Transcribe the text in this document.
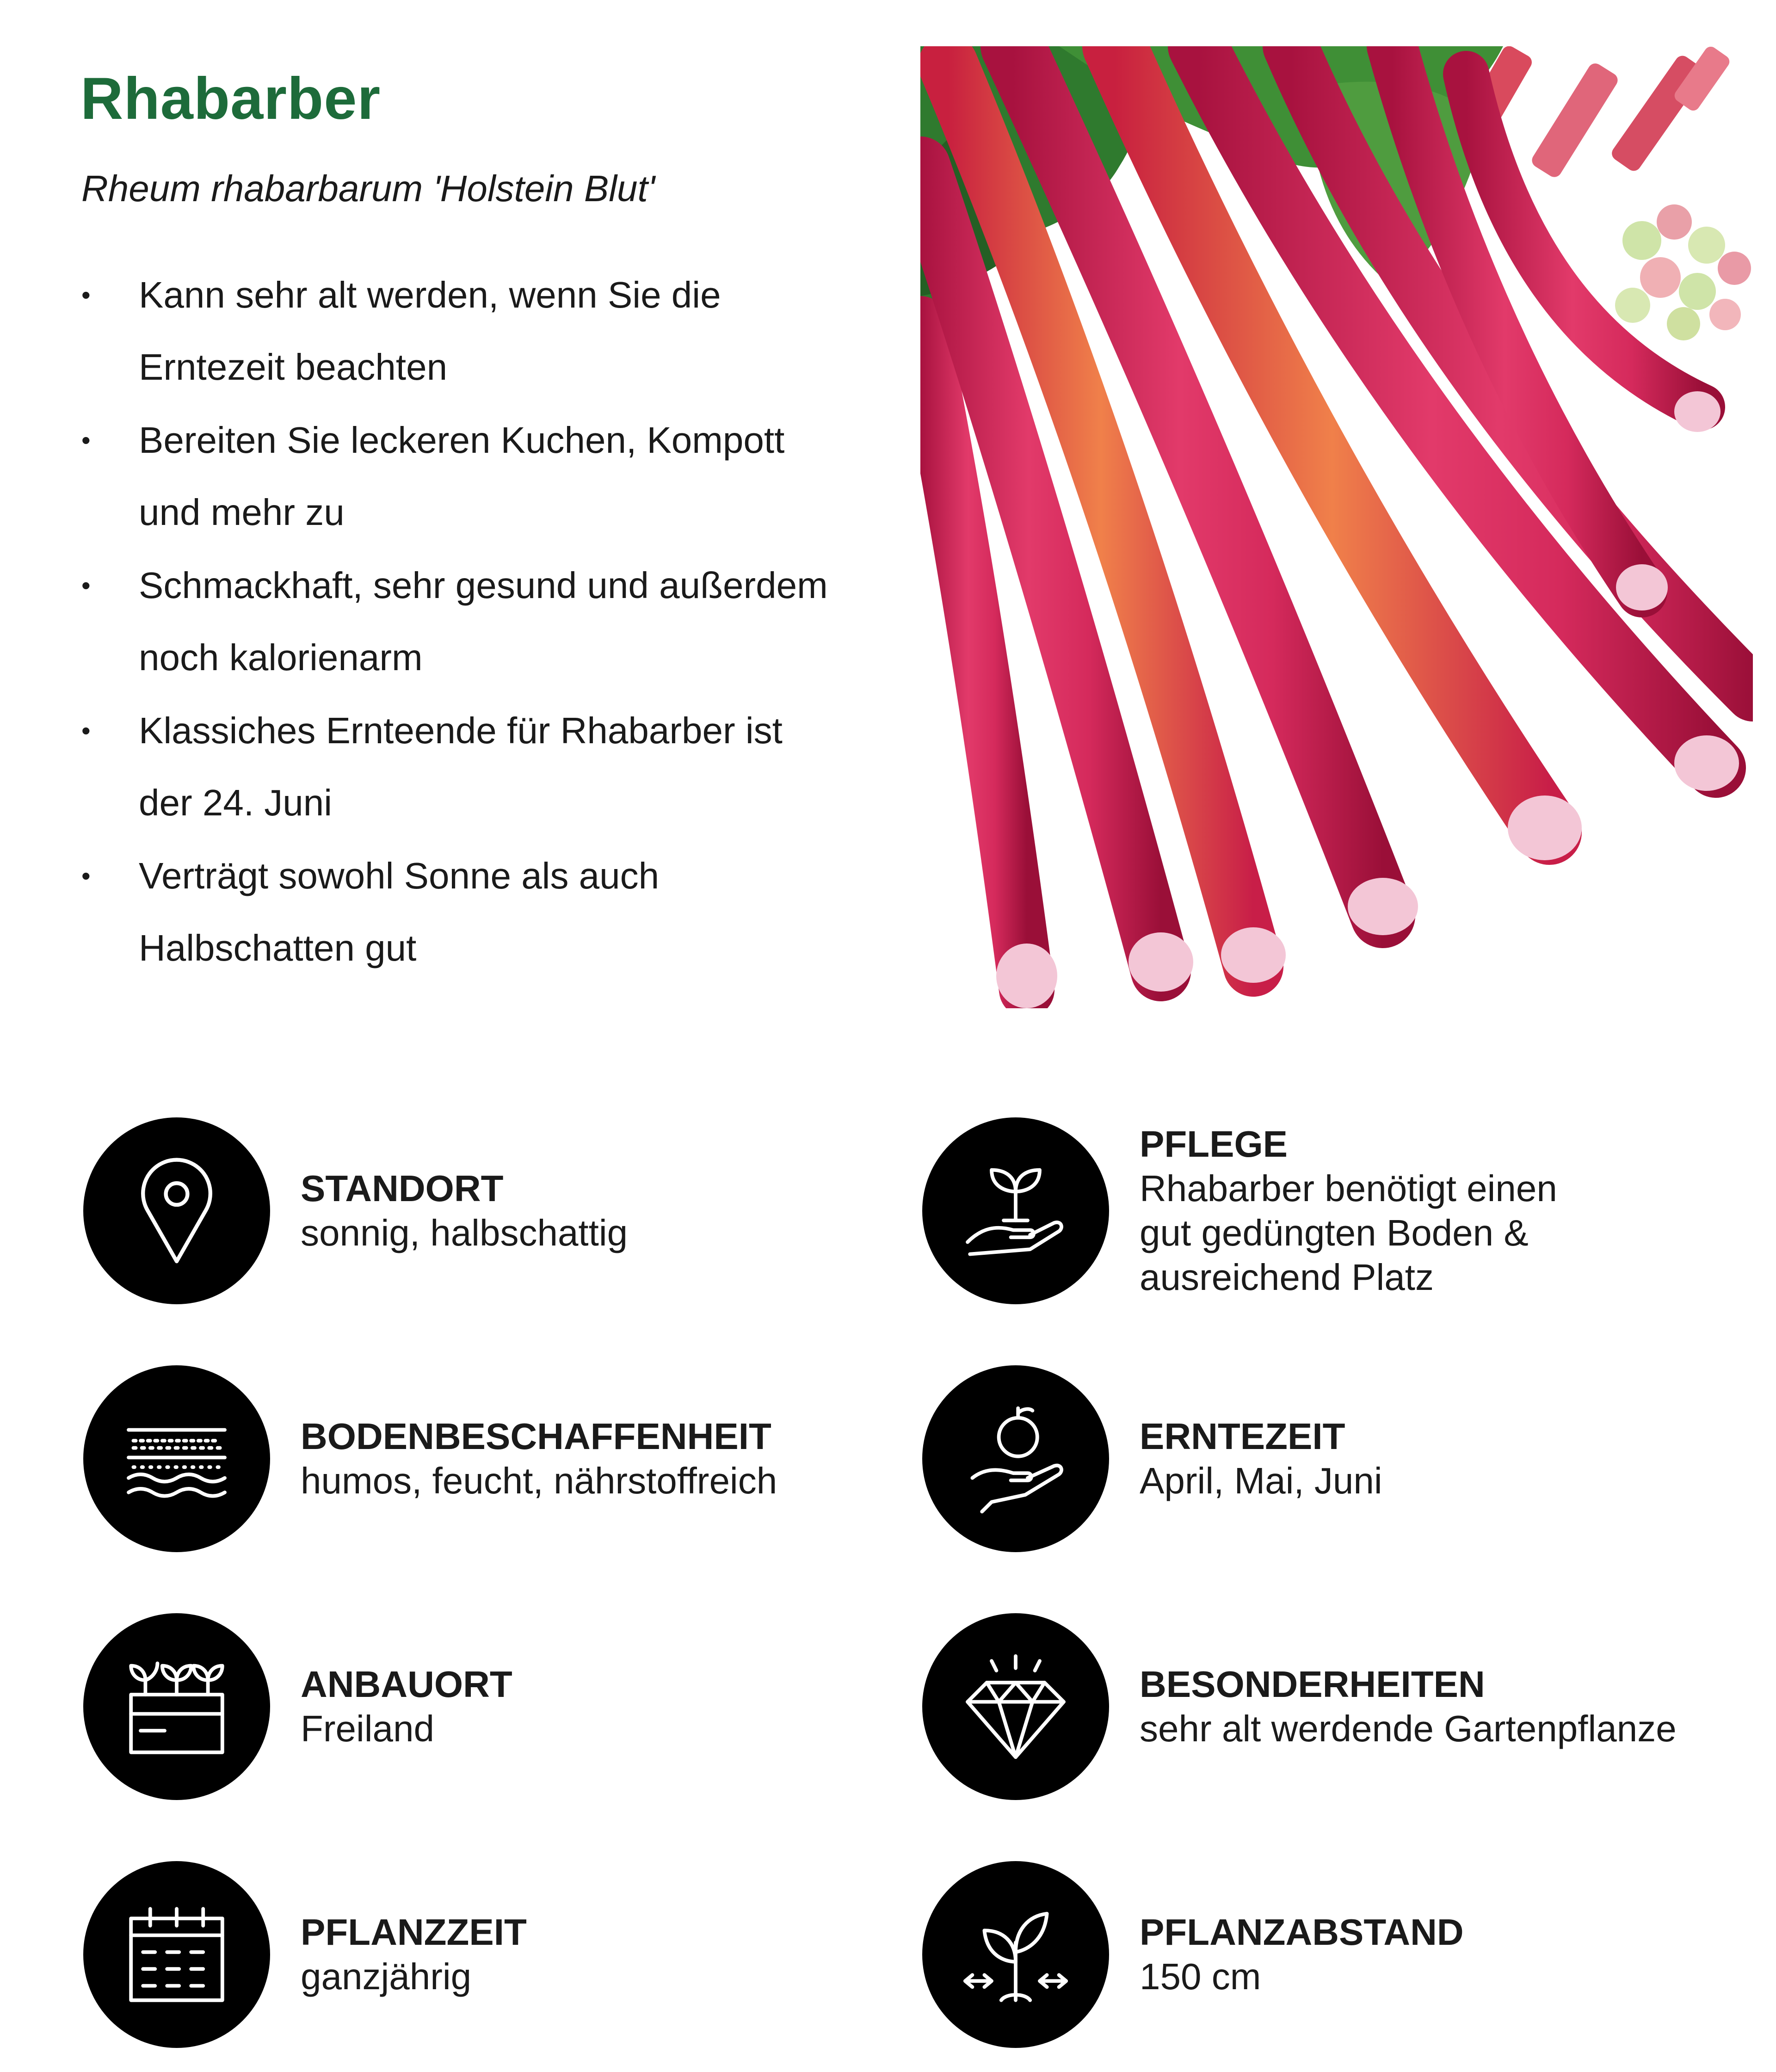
Rhabarber
Rheum rhabarbarum 'Holstein Blut'
• Kann sehr alt werden, wenn Sie die
Erntezeit beachten
• Bereiten Sie leckeren Kuchen, Kompott
und mehr zu
• Schmackhaft, sehr gesund und außerdem
noch kalorienarm
• Klassiches Ernteende für Rhabarber ist
der 24. Juni
• Verträgt sowohl Sonne als auch
Halbschatten gut
STANDORT
sonnig, halbschattig
PFLEGE
Rhabarber benötigt einen
gut gedüngten Boden &
ausreichend Platz
BODENBESCHAFFENHEIT
humos, feucht, nährstoffreich
ERNTEZEIT
April, Mai, Juni
ANBAUORT
Freiland
BESONDERHEITEN
sehr alt werdende Gartenpflanze
PFLANZZEIT
ganzjährig
PFLANZABSTAND
150 cm
